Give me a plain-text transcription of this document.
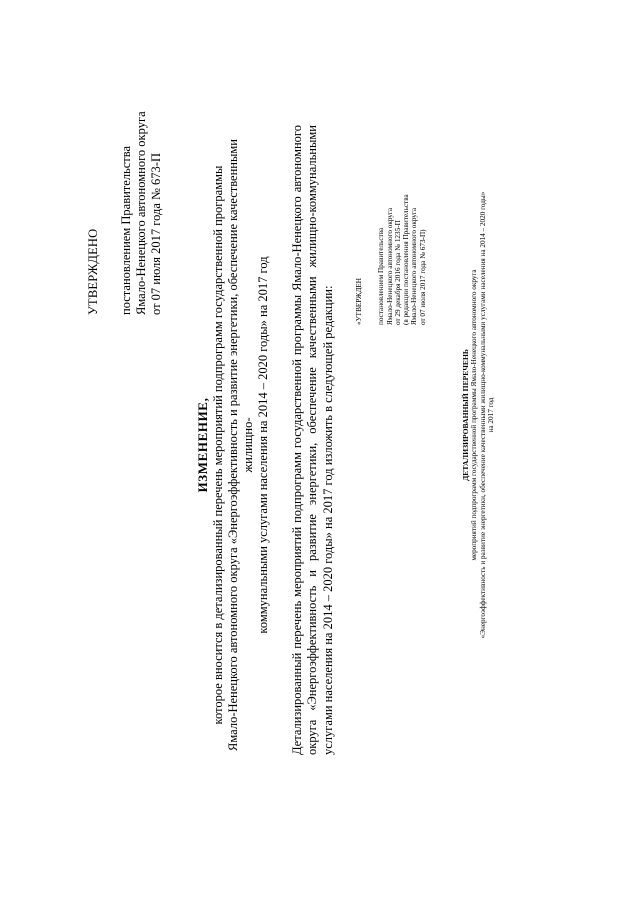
УТВЕРЖДЕНО постановлением Правительства Ямало-Ненецкого автономного округа от 07 июля 2017 года № 673-П
ИЗМЕНЕНИЕ, которое вносится в детализированный перечень мероприятий подпрограмм государственной программы Ямало-Ненецкого автономного округа «Энергоэффективность и развитие энергетики, обеспечение качественными жилищно- коммунальными услугами населения на 2014 – 2020 годы» на 2017 год Детализированный перечень мероприятий подпрограмм государственной программы Ямало-Ненецкого автономного округа «Энергоэффективность и развитие энергетики, обеспечение качественными жилищно-коммунальными услугами населения на 2014 – 2020 годы» на 2017 год изложить в следующей редакции:	«УТВЕРЖДЕН постановлением Правительства Ямало-Ненецкого автономного округа от 29 декабря 2016 года № 1235-П (в редакции постановления Правительства Ямало-Ненецкого автономного округа от 07 июля 2017 года № 673-П)
ДЕТАЛИЗИРОВАННЫЙ ПЕРЕЧЕНЬ мероприятий подпрограмм государственной программы Ямало-Ненецкого автономного округа «Энергоэффективность и развитие энергетики, обеспечение качественными жилищно-коммунальными услугами населения на 2014 – 2020 годы» на 2017 год
